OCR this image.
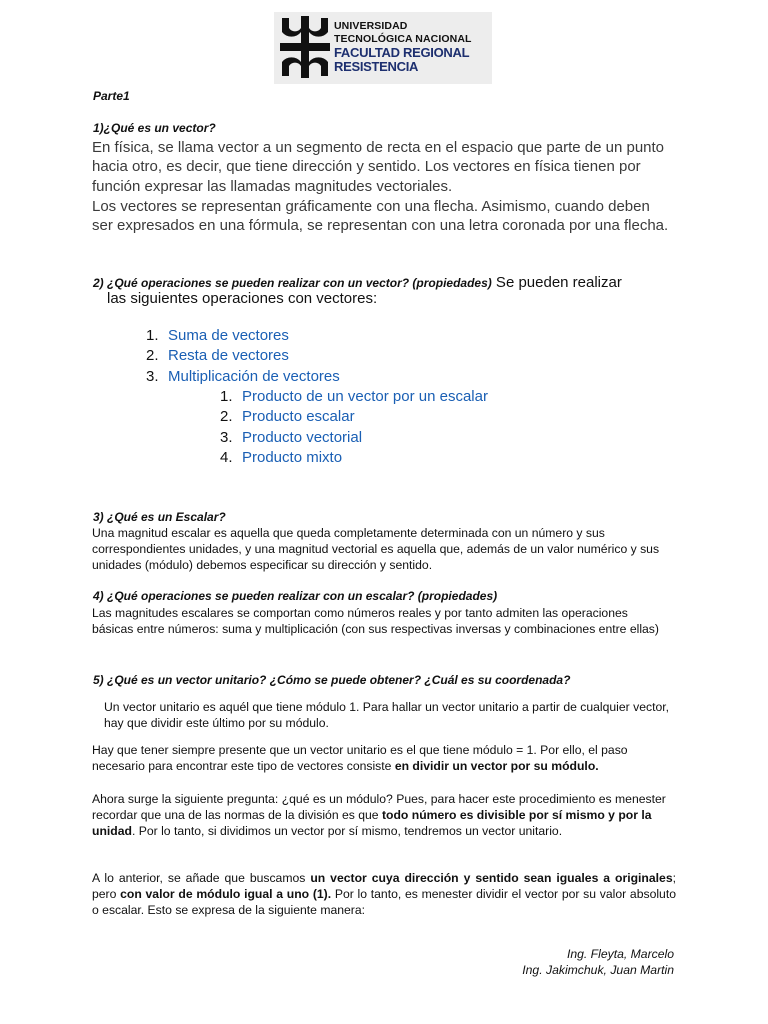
UNIVERSIDAD
TECNOLÓGICA NACIONAL
FACULTAD REGIONAL
RESISTENCIA
Parte1
1)¿Qué es un vector?
En física, se llama vector a un segmento de recta en el espacio que parte de un punto hacia otro, es decir, que tiene dirección y sentido. Los vectores en física tienen por función expresar las llamadas magnitudes vectoriales.
Los vectores se representan gráficamente con una flecha. Asimismo, cuando deben ser expresados en una fórmula, se representan con una letra coronada por una flecha.
2) ¿Qué operaciones se pueden realizar con un vector? (propiedades) Se pueden realizar
las siguientes operaciones con vectores:
1. Suma de vectores
2. Resta de vectores
3. Multiplicación de vectores
1. Producto de un vector por un escalar
2. Producto escalar
3. Producto vectorial
4. Producto mixto
3) ¿Qué es un Escalar?
Una magnitud escalar es aquella que queda completamente determinada con un número y sus correspondientes unidades, y una magnitud vectorial es aquella que, además de un valor numérico y sus unidades (módulo) debemos especificar su dirección y sentido.
4) ¿Qué operaciones se pueden realizar con un escalar? (propiedades)
Las magnitudes escalares se comportan como números reales y por tanto admiten las operaciones básicas entre números: suma y multiplicación (con sus respectivas inversas y combinaciones entre ellas)
5) ¿Qué es un vector unitario? ¿Cómo se puede obtener? ¿Cuál es su coordenada?
Un vector unitario es aquél que tiene módulo 1. Para hallar un vector unitario a partir de cualquier vector, hay que dividir este último por su módulo.
Hay que tener siempre presente que un vector unitario es el que tiene módulo = 1. Por ello, el paso necesario para encontrar este tipo de vectores consiste en dividir un vector por su módulo.
Ahora surge la siguiente pregunta: ¿qué es un módulo? Pues, para hacer este procedimiento es menester recordar que una de las normas de la división es que todo número es divisible por sí mismo y por la unidad. Por lo tanto, si dividimos un vector por sí mismo, tendremos un vector unitario.
A lo anterior, se añade que buscamos un vector cuya dirección y sentido sean iguales a originales; pero con valor de módulo igual a uno (1). Por lo tanto, es menester dividir el vector por su valor absoluto o escalar. Esto se expresa de la siguiente manera:
Ing. Fleyta, Marcelo
Ing. Jakimchuk, Juan Martin
